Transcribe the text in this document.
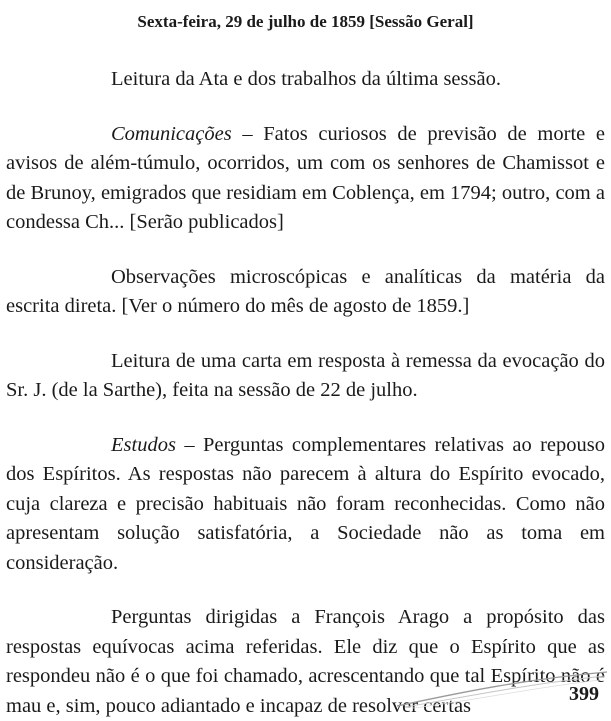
Sexta-feira, 29 de julho de 1859 [Sessão Geral]

Leitura da Ata e dos trabalhos da última sessão.

Comunicações – Fatos curiosos de previsão de morte e avisos de além-túmulo, ocorridos, um com os senhores de Chamissot e de Brunoy, emigrados que residiam em Coblença, em 1794; outro, com a condessa Ch... [Serão publicados]

Observações microscópicas e analíticas da matéria da escrita direta. [Ver o número do mês de agosto de 1859.]

Leitura de uma carta em resposta à remessa da evocação do Sr. J. (de la Sarthe), feita na sessão de 22 de julho.

Estudos – Perguntas complementares relativas ao repouso dos Espíritos. As respostas não parecem à altura do Espírito evocado, cuja clareza e precisão habituais não foram reconhecidas. Como não apresentam solução satisfatória, a Sociedade não as toma em consideração.

Perguntas dirigidas a François Arago a propósito das respostas equívocas acima referidas. Ele diz que o Espírito que as respondeu não é o que foi chamado, acrescentando que tal Espírito não é mau e, sim, pouco adiantado e incapaz de resolver certas

399
